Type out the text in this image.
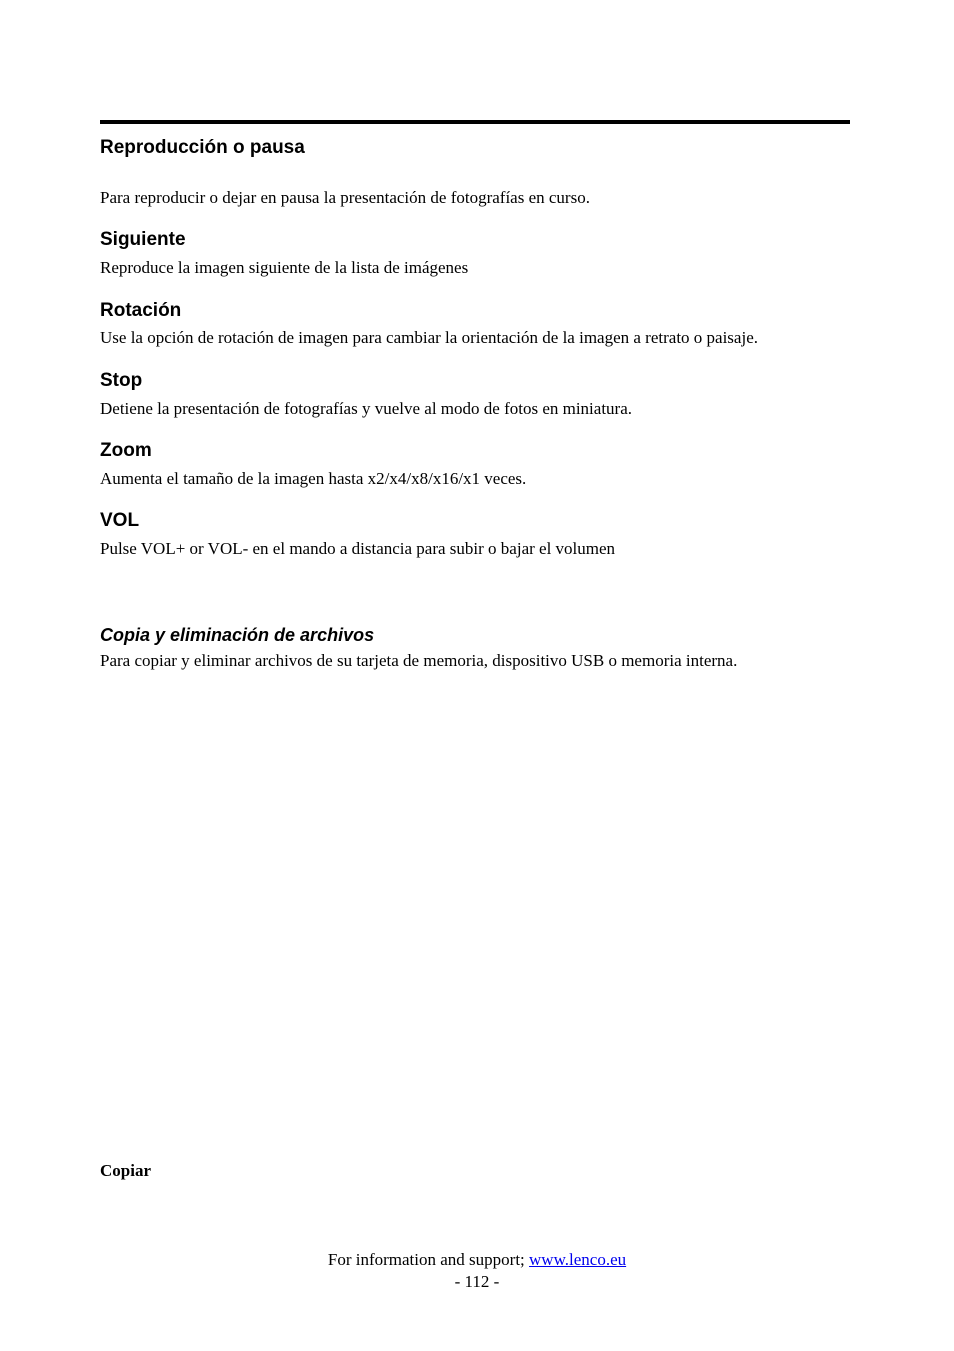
Reproducción o pausa

Para reproducir o dejar en pausa la presentación de fotografías en curso.

Siguiente

Reproduce la imagen siguiente de la lista de imágenes

Rotación

Use la opción de rotación de imagen para cambiar la orientación de la imagen a retrato o paisaje.

Stop

Detiene la presentación de fotografías y vuelve al modo de fotos en miniatura.

Zoom

Aumenta el tamaño de la imagen hasta x2/x4/x8/x16/x1 veces.

VOL

Pulse VOL+ or VOL- en el mando a distancia para subir o bajar el volumen

Copia y eliminación de archivos

Para copiar y eliminar archivos de su tarjeta de memoria, dispositivo USB o memoria interna.

Copiar

For information and support; www.lenco.eu

- 112 -
